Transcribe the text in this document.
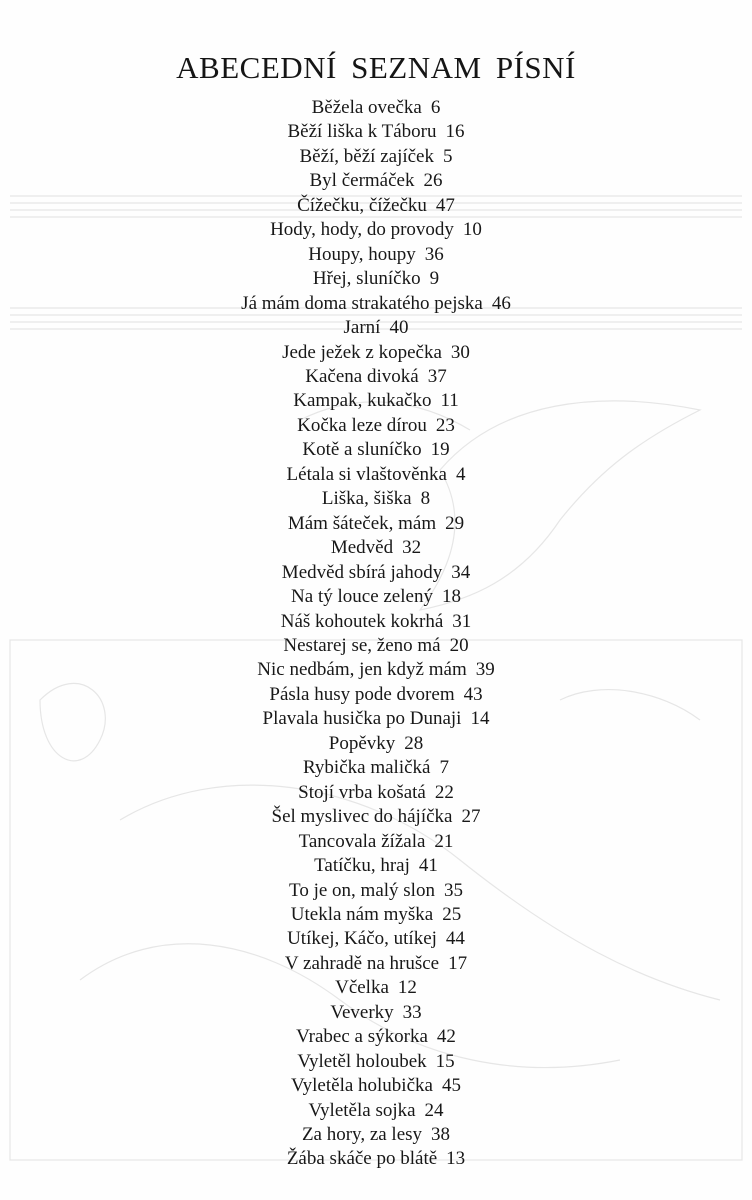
ABECEDNÍ SEZNAM PÍSNÍ
Běžela ovečka 6
Běží liška k Táboru 16
Běží, běží zajíček 5
Byl čermáček 26
Čížečku, čížečku 47
Hody, hody, do provody 10
Houpy, houpy 36
Hřej, sluníčko 9
Já mám doma strakatého pejska 46
Jarní 40
Jede ježek z kopečka 30
Kačena divoká 37
Kampak, kukačko 11
Kočka leze dírou 23
Kotě a sluníčko 19
Létala si vlaštověnka 4
Liška, šiška 8
Mám šáteček, mám 29
Medvěd 32
Medvěd sbírá jahody 34
Na tý louce zelený 18
Náš kohoutek kokrhá 31
Nestarej se, ženo má 20
Nic nedbám, jen když mám 39
Pásla husy pode dvorem 43
Plavala husička po Dunaji 14
Popěvky 28
Rybička maličká 7
Stojí vrba košatá 22
Šel myslivec do hájíčka 27
Tancovala žížala 21
Tatíčku, hraj 41
To je on, malý slon 35
Utekla nám myška 25
Utíkej, Káčo, utíkej 44
V zahradě na hrušce 17
Včelka 12
Veverky 33
Vrabec a sýkorka 42
Vyletěl holoubek 15
Vyletěla holubička 45
Vyletěla sojka 24
Za hory, za lesy 38
Žába skáče po blátě 13
